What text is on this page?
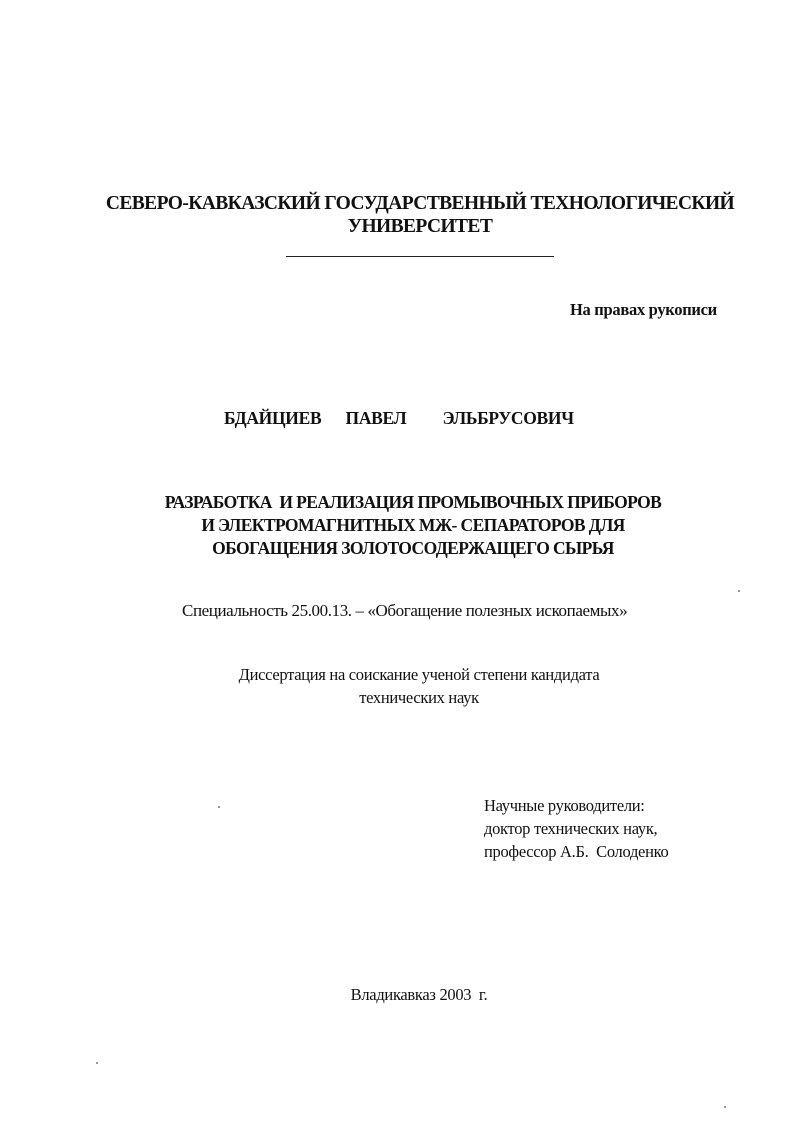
СЕВЕРО-КАВКАЗСКИЙ ГОСУДАРСТВЕННЫЙ ТЕХНОЛОГИЧЕСКИЙ
УНИВЕРСИТЕТ
На правах рукописи
БДАЙЦИЕВ  ПАВЕЛ   ЭЛЬБРУСОВИЧ
РАЗРАБОТКА  И РЕАЛИЗАЦИЯ ПРОМЫВОЧНЫХ ПРИБОРОВ
И ЭЛЕКТРОМАГНИТНЫХ МЖ- СЕПАРАТОРОВ ДЛЯ
ОБОГАЩЕНИЯ ЗОЛОТОСОДЕРЖАЩЕГО СЫРЬЯ
Специальность 25.00.13. – «Обогащение полезных ископаемых»
Диссертация на соискание ученой степени кандидата
технических наук
Научные руководители:
доктор технических наук,
профессор А.Б.  Солоденко
Владикавказ 2003  г.
